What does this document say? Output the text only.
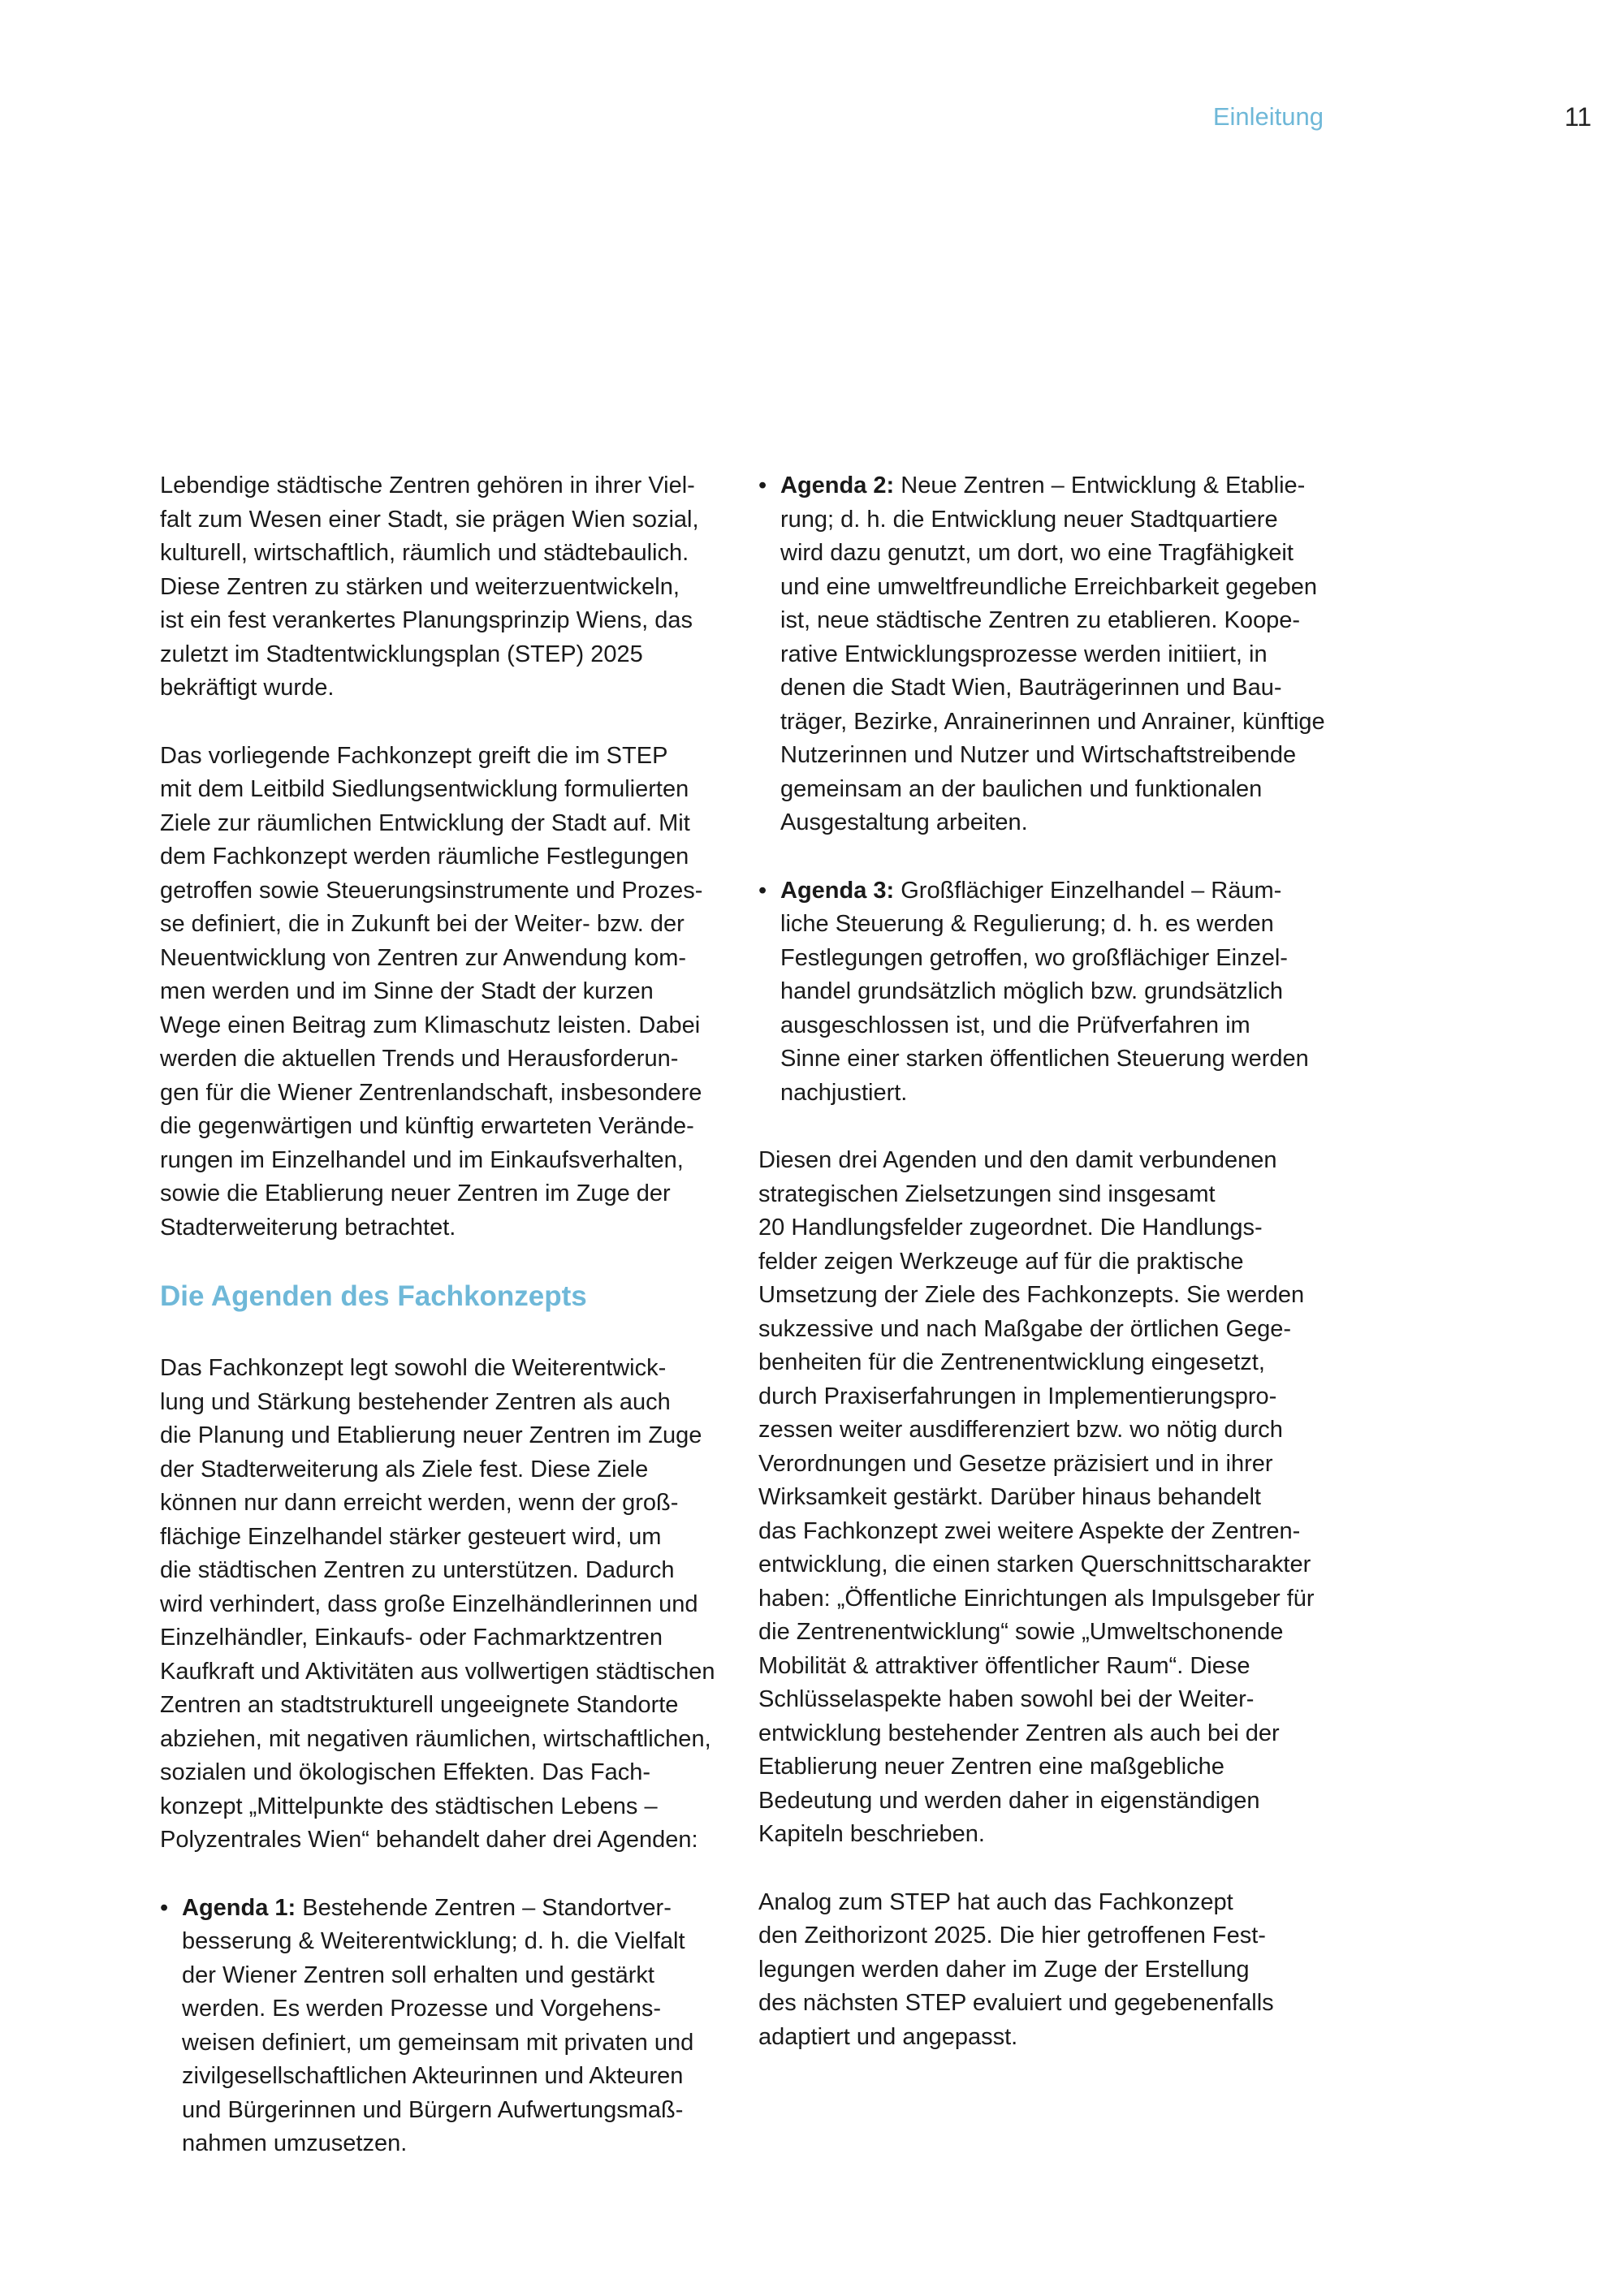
Einleitung	11

Lebendige städtische Zentren gehören in ihrer Viel-
falt zum Wesen einer Stadt, sie prägen Wien sozial,
kulturell, wirtschaftlich, räumlich und städtebaulich.
Diese Zentren zu stärken und weiterzuentwickeln,
ist ein fest verankertes Planungsprinzip Wiens, das
zuletzt im Stadtentwicklungsplan (STEP) 2025
bekräftigt wurde.

Das vorliegende Fachkonzept greift die im STEP
mit dem Leitbild Siedlungsentwicklung formulierten
Ziele zur räumlichen Entwicklung der Stadt auf. Mit
dem Fachkonzept werden räumliche Festlegungen
getroffen sowie Steuerungsinstrumente und Prozes-
se definiert, die in Zukunft bei der Weiter- bzw. der
Neuentwicklung von Zentren zur Anwendung kom-
men werden und im Sinne der Stadt der kurzen
Wege einen Beitrag zum Klimaschutz leisten. Dabei
werden die aktuellen Trends und Herausforderun-
gen für die Wiener Zentrenlandschaft, insbesondere
die gegenwärtigen und künftig erwarteten Verände-
rungen im Einzelhandel und im Einkaufsverhalten,
sowie die Etablierung neuer Zentren im Zuge der
Stadterweiterung betrachtet.

Die Agenden des Fachkonzepts

Das Fachkonzept legt sowohl die Weiterentwick-
lung und Stärkung bestehender Zentren als auch
die Planung und Etablierung neuer Zentren im Zuge
der Stadterweiterung als Ziele fest. Diese Ziele
können nur dann erreicht werden, wenn der groß-
flächige Einzelhandel stärker gesteuert wird, um
die städtischen Zentren zu unterstützen. Dadurch
wird verhindert, dass große Einzelhändlerinnen und
Einzelhändler, Einkaufs- oder Fachmarktzentren
Kaufkraft und Aktivitäten aus vollwertigen städtischen
Zentren an stadtstrukturell ungeeignete Standorte
abziehen, mit negativen räumlichen, wirtschaftlichen,
sozialen und ökologischen Effekten. Das Fach-
konzept „Mittelpunkte des städtischen Lebens –
Polyzentrales Wien“ behandelt daher drei Agenden:

• Agenda 1: Bestehende Zentren – Standortver-
besserung & Weiterentwicklung; d. h. die Vielfalt
der Wiener Zentren soll erhalten und gestärkt
werden. Es werden Prozesse und Vorgehens-
weisen definiert, um gemeinsam mit privaten und
zivilgesellschaftlichen Akteurinnen und Akteuren
und Bürgerinnen und Bürgern Aufwertungsmaß-
nahmen umzusetzen.
• Agenda 2: Neue Zentren – Entwicklung & Etablie-
rung; d. h. die Entwicklung neuer Stadtquartiere
wird dazu genutzt, um dort, wo eine Tragfähigkeit
und eine umweltfreundliche Erreichbarkeit gegeben
ist, neue städtische Zentren zu etablieren. Koope-
rative Entwicklungsprozesse werden initiiert, in
denen die Stadt Wien, Bauträgerinnen und Bau-
träger, Bezirke, Anrainerinnen und Anrainer, künftige
Nutzerinnen und Nutzer und Wirtschaftstreibende
gemeinsam an der baulichen und funktionalen
Ausgestaltung arbeiten.
• Agenda 3: Großflächiger Einzelhandel – Räum-
liche Steuerung & Regulierung; d. h. es werden
Festlegungen getroffen, wo großflächiger Einzel-
handel grundsätzlich möglich bzw. grundsätzlich
ausgeschlossen ist, und die Prüfverfahren im
Sinne einer starken öffentlichen Steuerung werden
nachjustiert.

Diesen drei Agenden und den damit verbundenen
strategischen Zielsetzungen sind insgesamt
20 Handlungsfelder zugeordnet. Die Handlungs-
felder zeigen Werkzeuge auf für die praktische
Umsetzung der Ziele des Fachkonzepts. Sie werden
sukzessive und nach Maßgabe der örtlichen Gege-
benheiten für die Zentrenentwicklung eingesetzt,
durch Praxiserfahrungen in Implementierungspro-
zessen weiter ausdifferenziert bzw. wo nötig durch
Verordnungen und Gesetze präzisiert und in ihrer
Wirksamkeit gestärkt. Darüber hinaus behandelt
das Fachkonzept zwei weitere Aspekte der Zentren-
entwicklung, die einen starken Querschnittscharakter
haben: „Öffentliche Einrichtungen als Impulsgeber für
die Zentrenentwicklung“ sowie „Umweltschonende
Mobilität & attraktiver öffentlicher Raum“. Diese
Schlüsselaspekte haben sowohl bei der Weiter-
entwicklung bestehender Zentren als auch bei der
Etablierung neuer Zentren eine maßgebliche
Bedeutung und werden daher in eigenständigen
Kapiteln beschrieben.

Analog zum STEP hat auch das Fachkonzept
den Zeithorizont 2025. Die hier getroffenen Fest-
legungen werden daher im Zuge der Erstellung
des nächsten STEP evaluiert und gegebenenfalls
adaptiert und angepasst.
